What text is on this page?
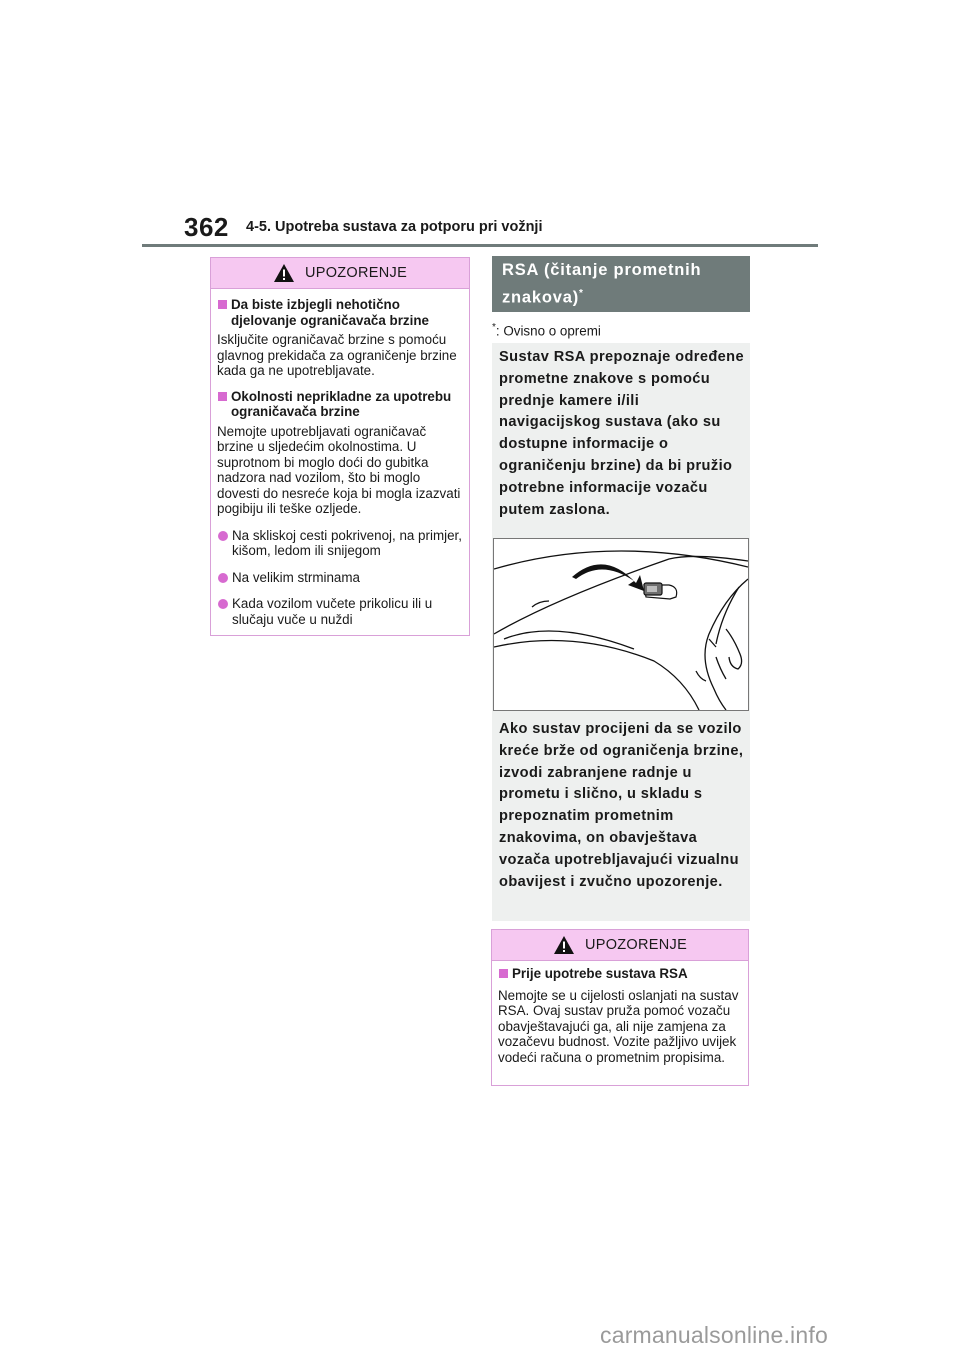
362 4-5. Upotreba sustava za potporu pri vožnji
UPOZORENJE
Da biste izbjegli nehotično djelovanje ograničavača brzine
Isključite ograničavač brzine s pomoću glavnog prekidača za ograničenje brzine kada ga ne upotrebljavate.
Okolnosti neprikladne za upotrebu ograničavača brzine
Nemojte upotrebljavati ograničavač brzine u sljedećim okolnostima. U suprotnom bi moglo doći do gubitka nadzora nad vozilom, što bi moglo dovesti do nesreće koja bi mogla izazvati pogibiju ili teške ozljede.
Na skliskoj cesti pokrivenoj, na primjer, kišom, ledom ili snijegom
Na velikim strminama
Kada vozilom vučete prikolicu ili u slučaju vuče u nuždi
RSA (čitanje prometnih znakova)*
*: Ovisno o opremi
Sustav RSA prepoznaje određene prometne znakove s pomoću prednje kamere i/ili navigacijskog sustava (ako su dostupne informacije o ograničenju brzine) da bi pružio potrebne informacije vozaču putem zaslona.
Ako sustav procijeni da se vozilo kreće brže od ograničenja brzine, izvodi zabranjene radnje u prometu i slično, u skladu s prepoznatim prometnim znakovima, on obavještava vozača upotrebljavajući vizualnu obavijest i zvučno upozorenje.
UPOZORENJE
Prije upotrebe sustava RSA
Nemojte se u cijelosti oslanjati na sustav RSA. Ovaj sustav pruža pomoć vozaču obavještavajući ga, ali nije zamjena za vozačevu budnost. Vozite pažljivo uvijek vodeći računa o prometnim propisima.
carmanualsonline.info
